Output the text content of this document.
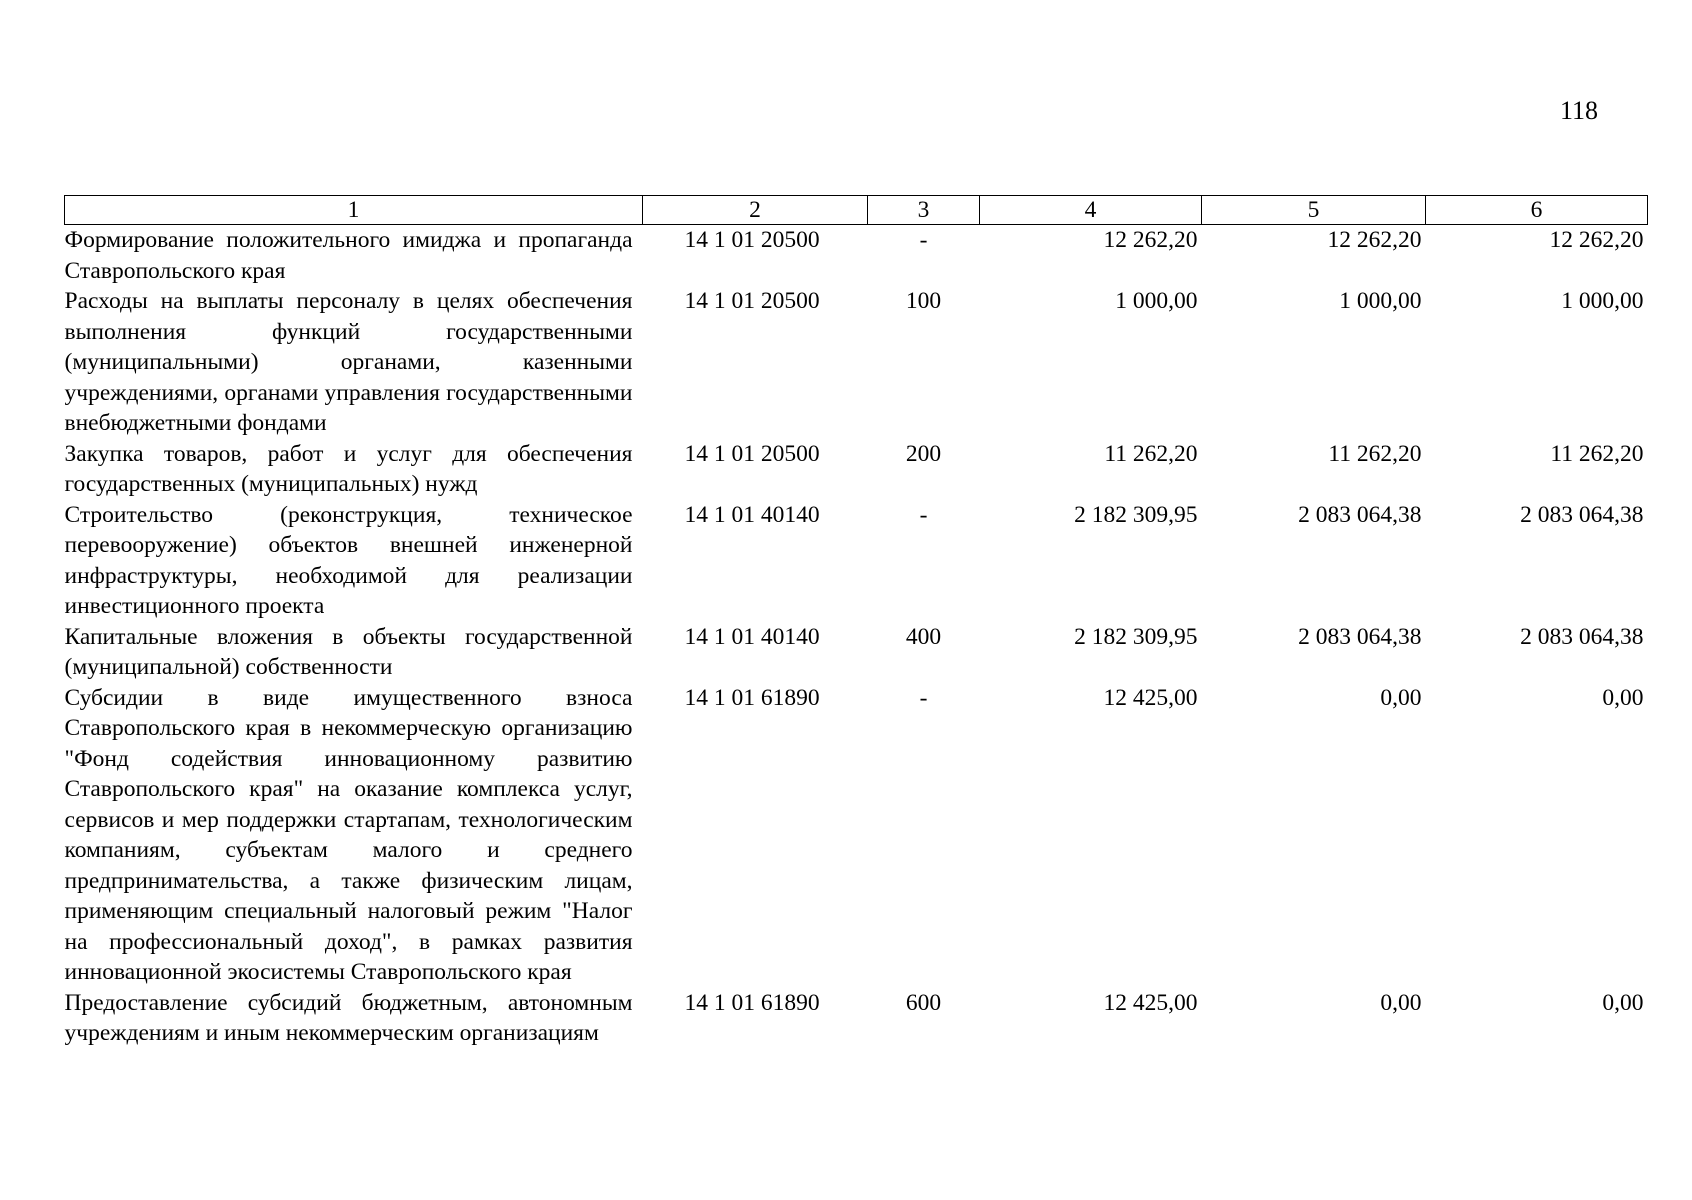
118
1	2	3	4	5	6
Формирование положительного имиджа и пропаганда Ставропольского края	14 1 01 20500	-	12 262,20	12 262,20	12 262,20
Расходы на выплаты персоналу в целях обеспечения выполнения функций государственными (муниципальными) органами, казенными учреждениями, органами управления государственными внебюджетными фондами	14 1 01 20500	100	1 000,00	1 000,00	1 000,00
Закупка товаров, работ и услуг для обеспечения государственных (муниципальных) нужд	14 1 01 20500	200	11 262,20	11 262,20	11 262,20
Строительство (реконструкция, техническое перевооружение) объектов внешней инженерной инфраструктуры, необходимой для реализации инвестиционного проекта	14 1 01 40140	-	2 182 309,95	2 083 064,38	2 083 064,38
Капитальные вложения в объекты государственной (муниципальной) собственности	14 1 01 40140	400	2 182 309,95	2 083 064,38	2 083 064,38
Субсидии в виде имущественного взноса Ставропольского края в некоммерческую организацию "Фонд содействия инновационному развитию Ставропольского края" на оказание комплекса услуг, сервисов и мер поддержки стартапам, технологическим компаниям, субъектам малого и среднего предпринимательства, а также физическим лицам, применяющим специальный налоговый режим "Налог на профессиональный доход", в рамках развития инновационной экосистемы Ставропольского края	14 1 01 61890	-	12 425,00	0,00	0,00
Предоставление субсидий бюджетным, автономным учреждениям и иным некоммерческим организациям	14 1 01 61890	600	12 425,00	0,00	0,00
